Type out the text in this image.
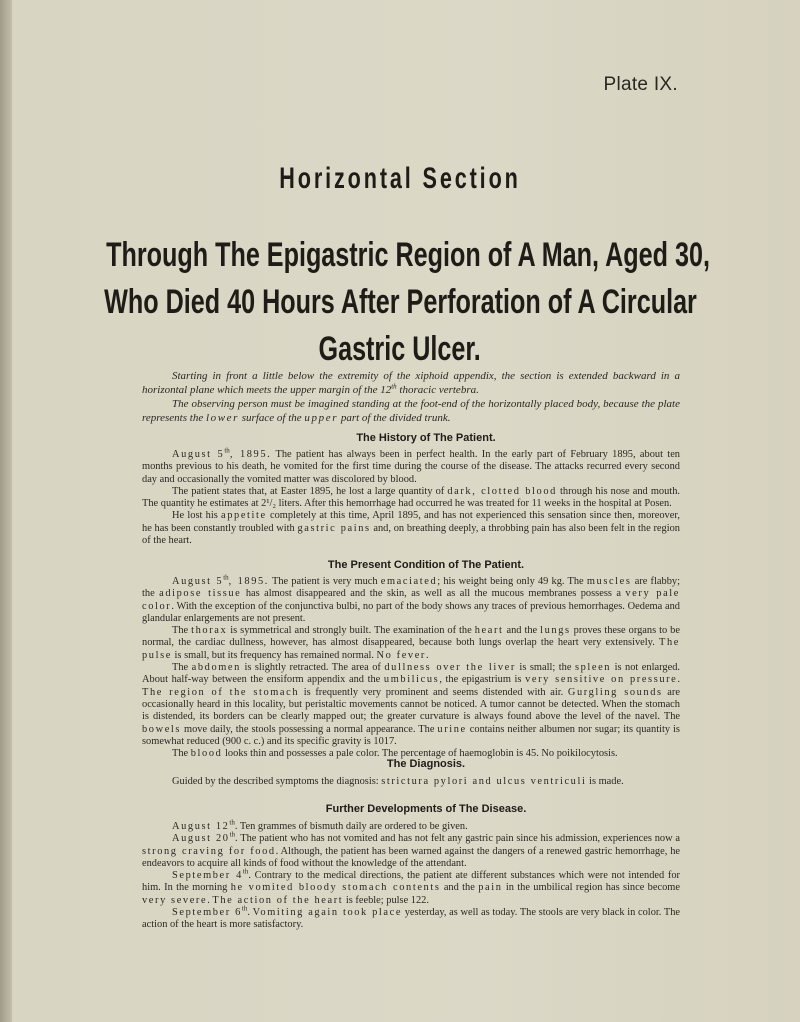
Plate IX.
Horizontal Section
Through The Epigastric Region of A Man, Aged 30,
Who Died 40 Hours After Perforation of A Circular
Gastric Ulcer.

Starting in front a little below the extremity of the xiphoid appendix, the section is extended backward in a horizontal plane which meets the upper margin of the 12th thoracic vertebra.

The observing person must be imagined standing at the foot-end of the horizontally placed body, because the plate represents the lower surface of the upper part of the divided trunk.

The History of The Patient.

August 5th, 1895. The patient has always been in perfect health. In the early part of February 1895, about ten months previous to his death, he vomited for the first time during the course of the disease. The attacks recurred every second day and occasionally the vomited matter was discolored by blood.

The patient states that, at Easter 1895, he lost a large quantity of dark, clotted blood through his nose and mouth. The quantity he estimates at 2¹/₂ liters. After this hemorrhage had occurred he was treated for 11 weeks in the hospital at Posen.

He lost his appetite completely at this time, April 1895, and has not experienced this sensation since then, moreover, he has been constantly troubled with gastric pains and, on breathing deeply, a throbbing pain has also been felt in the region of the heart.

The Present Condition of The Patient.

August 5th, 1895. The patient is very much emaciated; his weight being only 49 kg. The muscles are flabby; the adipose tissue has almost disappeared and the skin, as well as all the mucous membranes possess a very pale color. With the exception of the conjunctiva bulbi, no part of the body shows any traces of previous hemorrhages. Oedema and glandular enlargements are not present.

The thorax is symmetrical and strongly built. The examination of the heart and the lungs proves these organs to be normal, the cardiac dullness, however, has almost disappeared, because both lungs overlap the heart very extensively. The pulse is small, but its frequency has remained normal. No fever.

The abdomen is slightly retracted. The area of dullness over the liver is small; the spleen is not enlarged. About half-way between the ensiform appendix and the umbilicus, the epigastrium is very sensitive on pressure. The region of the stomach is frequently very prominent and seems distended with air. Gurgling sounds are occasionally heard in this locality, but peristaltic movements cannot be noticed. A tumor cannot be detected. When the stomach is distended, its borders can be clearly mapped out; the greater curvature is always found above the level of the navel. The bowels move daily, the stools possessing a normal appearance. The urine contains neither albumen nor sugar; its quantity is somewhat reduced (900 c. c.) and its specific gravity is 1017.

The blood looks thin and possesses a pale color. The percentage of haemoglobin is 45. No poikilocytosis.

The Diagnosis.

Guided by the described symptoms the diagnosis: strictura pylori and ulcus ventriculi is made.

Further Developments of The Disease.

August 12th. Ten grammes of bismuth daily are ordered to be given.

August 20th. The patient who has not vomited and has not felt any gastric pain since his admission, experiences now a strong craving for food. Although, the patient has been warned against the dangers of a renewed gastric hemorrhage, he endeavors to acquire all kinds of food without the knowledge of the attendant.

September 4th. Contrary to the medical directions, the patient ate different substances which were not intended for him. In the morning he vomited bloody stomach contents and the pain in the umbilical region has since become very severe. The action of the heart is feeble; pulse 122.

September 6th. Vomiting again took place yesterday, as well as today. The stools are very black in color. The action of the heart is more satisfactory.
